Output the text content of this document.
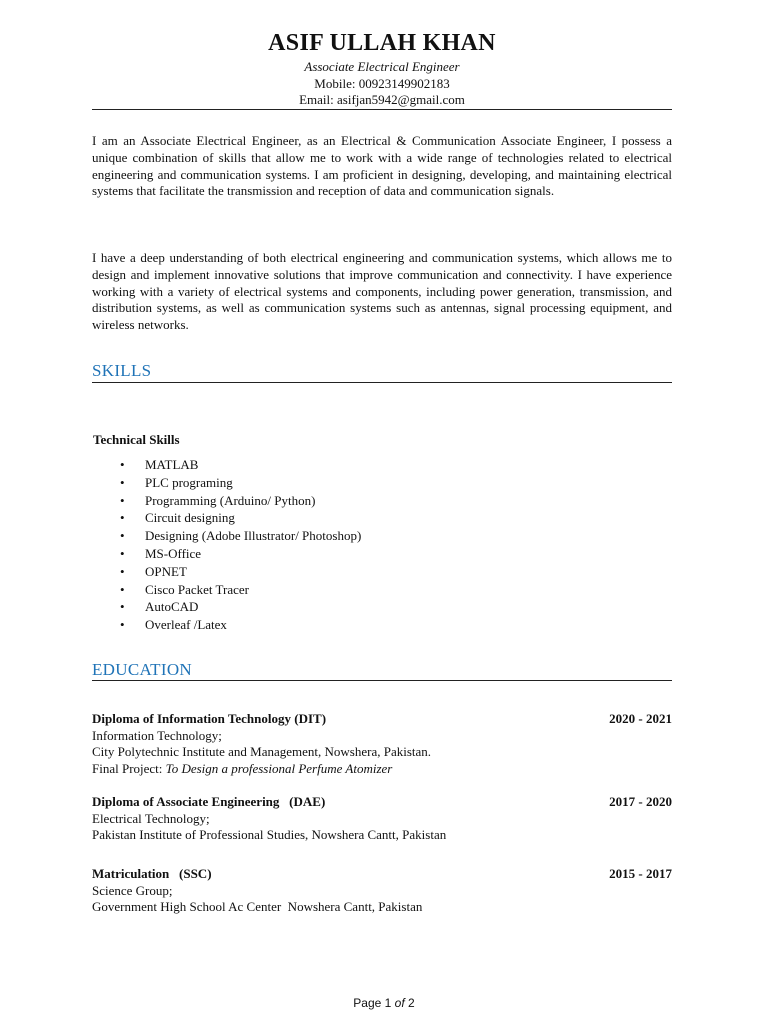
ASIF ULLAH KHAN
Associate Electrical Engineer
Mobile: 00923149902183
Email: asifjan5942@gmail.com

I am an Associate Electrical Engineer, as an Electrical & Communication Associate Engineer, I possess a unique combination of skills that allow me to work with a wide range of technologies related to electrical engineering and communication systems. I am proficient in designing, developing, and maintaining electrical systems that facilitate the transmission and reception of data and communication signals.

I have a deep understanding of both electrical engineering and communication systems, which allows me to design and implement innovative solutions that improve communication and connectivity. I have experience working with a variety of electrical systems and components, including power generation, transmission, and distribution systems, as well as communication systems such as antennas, signal processing equipment, and wireless networks.

SKILLS
Technical Skills
• MATLAB
• PLC programing
• Programming (Arduino/ Python)
• Circuit designing
• Designing (Adobe Illustrator/ Photoshop)
• MS-Office
• OPNET
• Cisco Packet Tracer
• AutoCAD
• Overleaf /Latex
EDUCATION
Diploma of Information Technology (DIT)	2020 - 2021
Information Technology;
City Polytechnic Institute and Management, Nowshera, Pakistan.
Final Project: To Design a professional Perfume Atomizer
Diploma of Associate Engineering   (DAE)	2017 - 2020
Electrical Technology;
Pakistan Institute of Professional Studies, Nowshera Cantt, Pakistan
Matriculation   (SSC)	2015 - 2017
Science Group;
Government High School Ac Center  Nowshera Cantt, Pakistan
Page 1 of 2
